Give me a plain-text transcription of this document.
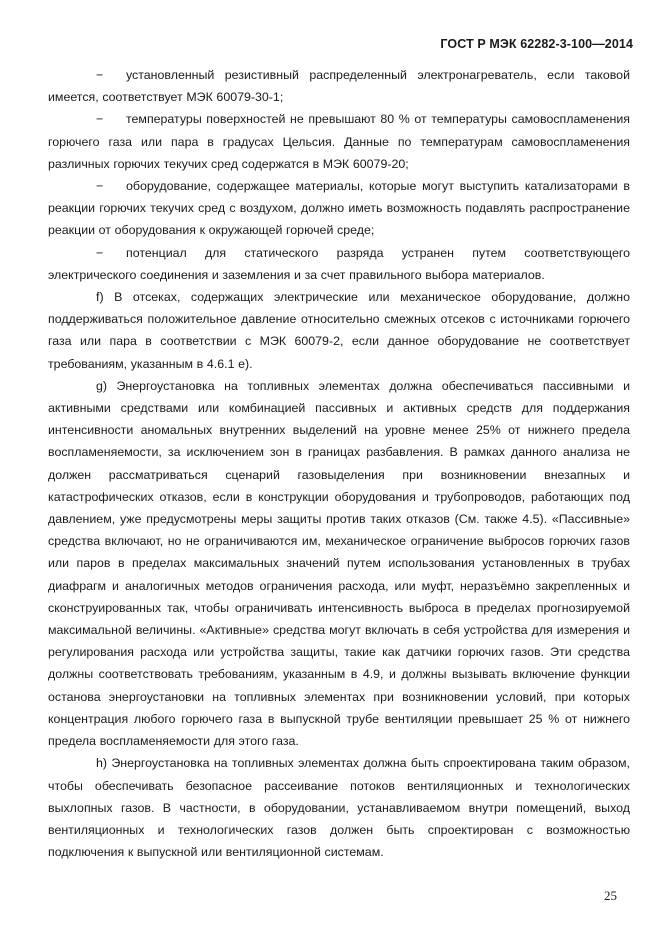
ГОСТ Р МЭК 62282-3-100—2014

− установленный резистивный распределенный электронагреватель, если таковой имеется, соответствует МЭК 60079-30-1;

− температуры поверхностей не превышают 80 % от температуры самовоспламенения горючего газа или пара в градусах Цельсия. Данные по температурам самовоспламенения различных горючих текучих сред содержатся в МЭК 60079-20;

− оборудование, содержащее материалы, которые могут выступить катализаторами в реакции горючих текучих сред с воздухом, должно иметь возможность подавлять распространение реакции от оборудования к окружающей горючей среде;

− потенциал для статического разряда устранен путем соответствующего электрического соединения и заземления и за счет правильного выбора материалов.

f) В отсеках, содержащих электрические или механическое оборудование, должно поддерживаться положительное давление относительно смежных отсеков с источниками горючего газа или пара в соответствии с МЭК 60079-2, если данное оборудование не соответствует требованиям, указанным в 4.6.1 е).

g) Энергоустановка на топливных элементах должна обеспечиваться пассивными и активными средствами или комбинацией пассивных и активных средств для поддержания интенсивности аномальных внутренних выделений на уровне менее 25% от нижнего предела воспламеняемости, за исключением зон в границах разбавления. В рамках данного анализа не должен рассматриваться сценарий газовыделения при возникновении внезапных и катастрофических отказов, если в конструкции оборудования и трубопроводов, работающих под давлением, уже предусмотрены меры защиты против таких отказов (См. также 4.5). «Пассивные» средства включают, но не ограничиваются им, механическое ограничение выбросов горючих газов или паров в пределах максимальных значений путем использования установленных в трубах диафрагм и аналогичных методов ограничения расхода, или муфт, неразъёмно закрепленных и сконструированных так, чтобы ограничивать интенсивность выброса в пределах прогнозируемой максимальной величины. «Активные» средства могут включать в себя устройства для измерения и регулирования расхода или устройства защиты, такие как датчики горючих газов. Эти средства должны соответствовать требованиям, указанным в 4.9, и должны вызывать включение функции останова энергоустановки на топливных элементах при возникновении условий, при которых концентрация любого горючего газа в выпускной трубе вентиляции превышает 25 % от нижнего предела воспламеняемости для этого газа.

h) Энергоустановка на топливных элементах должна быть спроектирована таким образом, чтобы обеспечивать безопасное рассеивание потоков вентиляционных и технологических выхлопных газов. В частности, в оборудовании, устанавливаемом внутри помещений, выход вентиляционных и технологических газов должен быть спроектирован с возможностью подключения к выпускной или вентиляционной системам.

25
